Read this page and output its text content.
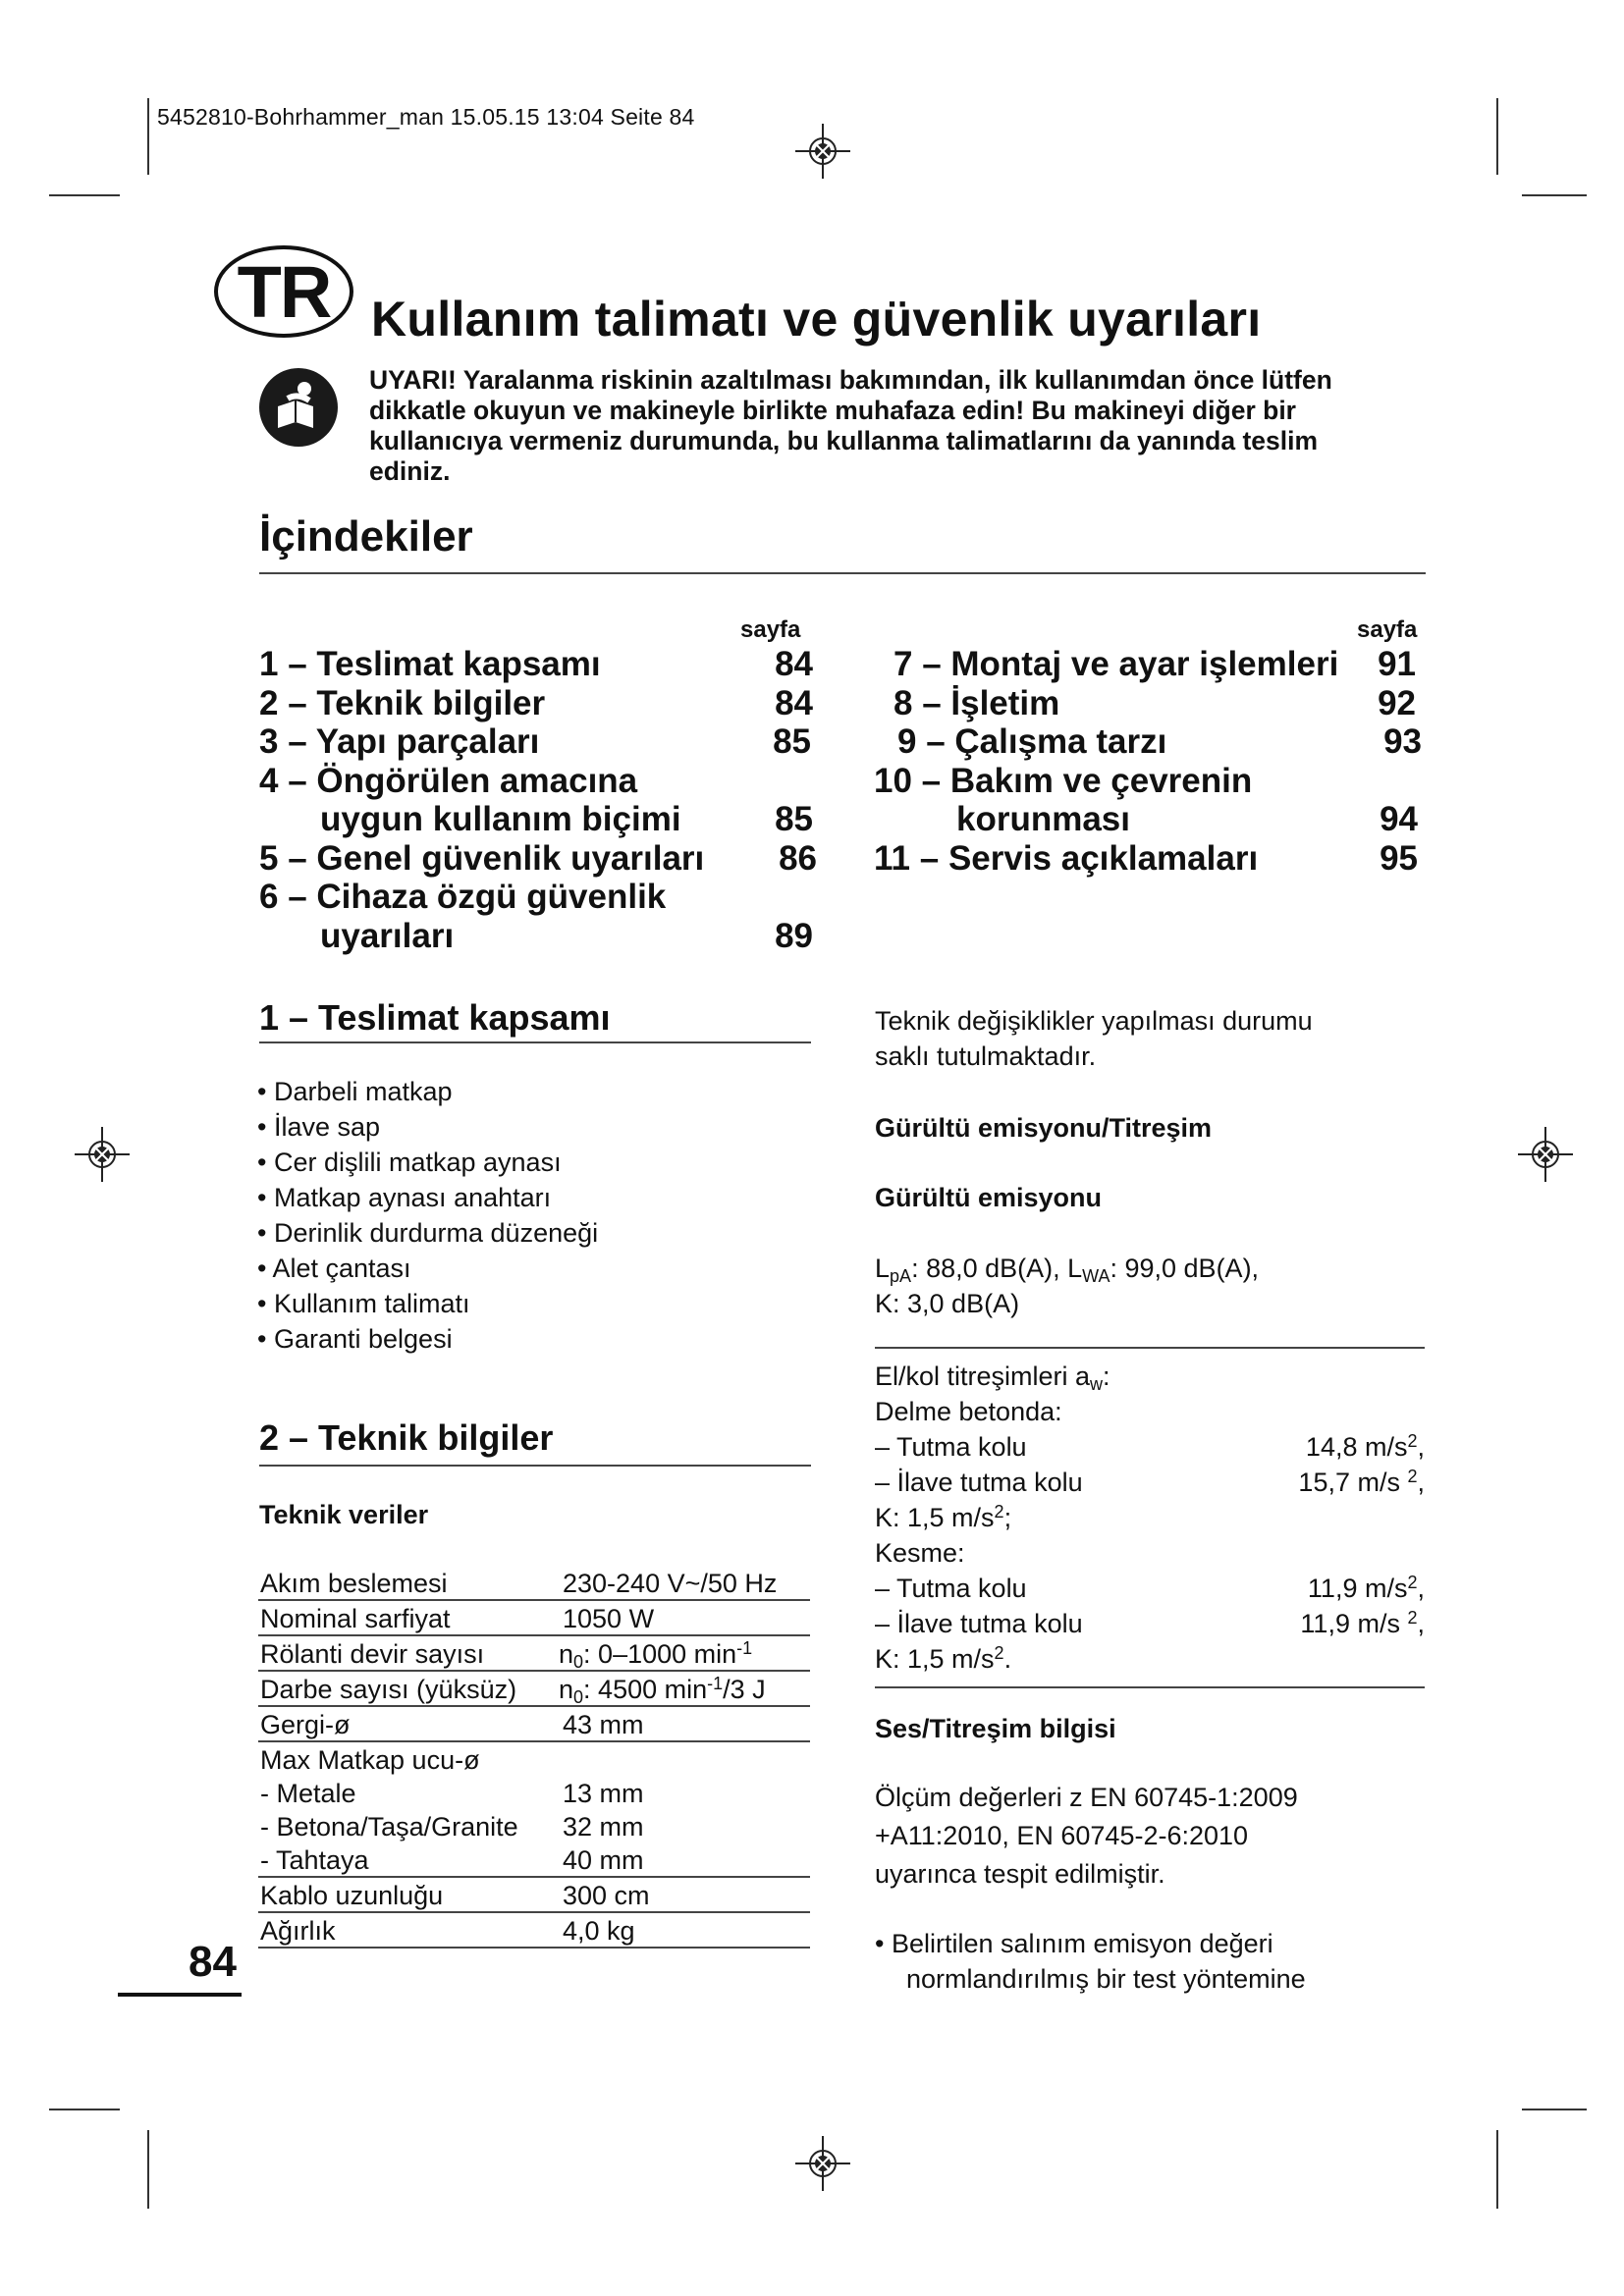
5452810-Bohrhammer_man 15.05.15 13:04 Seite 84
TR Kullanım talimatı ve güvenlik uyarıları
UYARI! Yaralanma riskinin azaltılması bakımından, ilk kullanımdan önce lütfen dikkatle okuyun ve makineyle birlikte muhafaza edin! Bu makineyi diğer bir kullanıcıya vermeniz durumunda, bu kullanma talimatlarını da yanında teslim ediniz.
İçindekiler
sayfa	sayfa
1 – Teslimat kapsamı	84
2 – Teknik bilgiler	84
3 – Yapı parçaları	85
4 – Öngörülen amacına
uygun kullanım biçimi	85
5 – Genel güvenlik uyarıları 86
6 – Cihaza özgü güvenlik
uyarıları	89
7 – Montaj ve ayar işlemleri 91
8 – İşletim	92
9 – Çalışma tarzı	93
10 – Bakım ve çevrenin
korunması	94
11 – Servis açıklamaları	95
1 – Teslimat kapsamı
• Darbeli matkap
• İlave sap
• Cer dişlili matkap aynası
• Matkap aynası anahtarı
• Derinlik durdurma düzeneği
• Alet çantası
• Kullanım talimatı
• Garanti belgesi
2 – Teknik bilgiler
Teknik veriler
Akım beslemesi	230-240 V~/50 Hz
Nominal sarfiyat	1050 W
Rölanti devir sayısı	$n_0$: 0–1000 $\min^{-1}$
Darbe sayısı (yüksüz)	$n_0$: 4500 $\min^{-1}/3$ J
Gergi-ø	43 mm
Max Matkap ucu-ø	
- Metale	13 mm
- Betona/Taşa/Granite	32 mm
- Tahtaya	40 mm
Kablo uzunluğu	300 cm
Ağırlık	4,0 kg
Teknik değişiklikler yapılması durumu
saklı tutulmaktadır.
Gürültü emisyonu/Titreşim
Gürültü emisyonu
$L_{pA}$: 88,0 dB(A), $L_{WA}$: 99,0 dB(A),
K: 3,0 dB(A)
El/kol titreşimleri $a_w$:
Delme betonda:
– Tutma kolu	14,8 $m/s^2$,
– İlave tutma kolu	15,7 m/s $^2$,
K: 1,5 $m/s^2$;
Kesme:
– Tutma kolu	11,9 $m/s^2$,
– İlave tutma kolu	11,9 m/s $^2$,
K: 1,5 $m/s^2$.
Ses/Titreşim bilgisi
Ölçüm değerleri z EN 60745-1:2009
+A11:2010, EN 60745-2-6:2010
uyarınca tespit edilmiştir.
• Belirtilen salınım emisyon değeri
normlandırılmış bir test yöntemine
84
